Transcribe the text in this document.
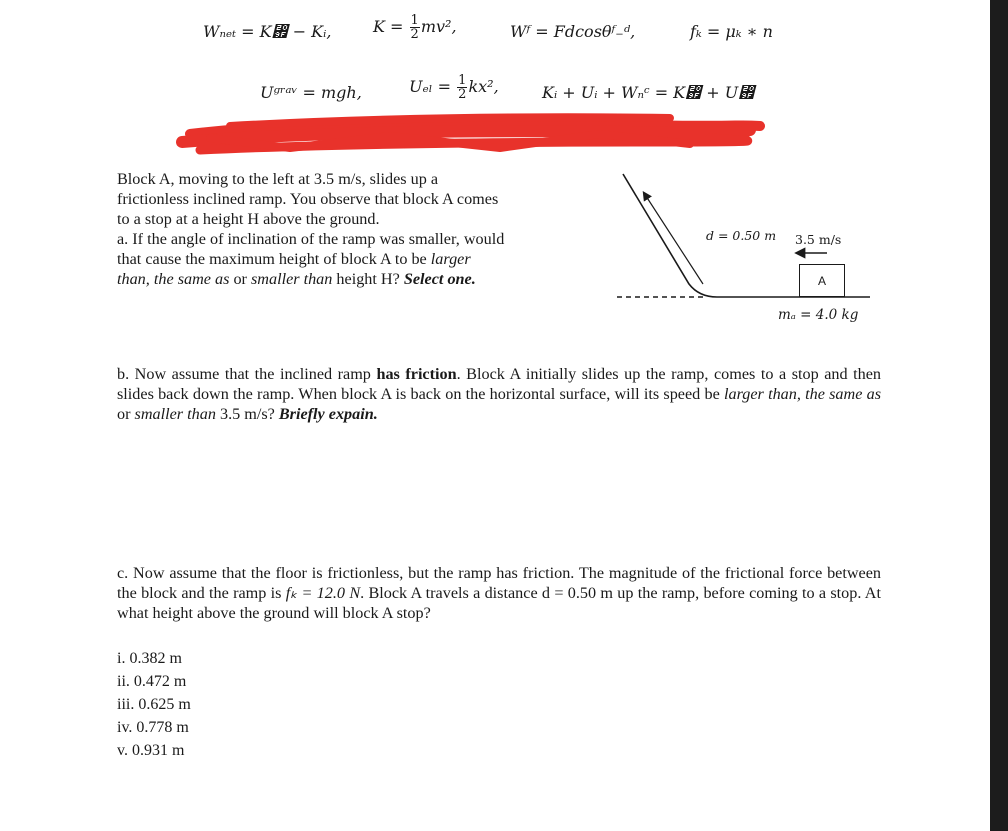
Wₙₑₜ = K₟ − Kᵢ,	$K = \frac{1}{2} mv^2$,	Wᶠ = Fdcosθᶠ₋ᵈ,	fₖ = μₖ ∗ n
Uᵍʳᵃᵛ = mgh,	$U_{el} = \frac{1}{2} kx^2$,	Kᵢ + Uᵢ + Wₙᶜ = K₟ + U₟
Block A, moving to the left at 3.5 m/s, slides up a
frictionless inclined ramp. You observe that block A comes
to a stop at a height H above the ground.
a. If the angle of inclination of the ramp was smaller, would
that cause the maximum height of block A to be larger
than, the same as or smaller than height H? Select one.
d = 0.50 m 3.5 m/s
A
mₐ = 4.0 kg
b. Now assume that the inclined ramp has friction. Block A initially slides up the ramp, comes to a stop and then slides back down the ramp. When block A is back on the horizontal surface, will its speed be larger than, the same as or smaller than 3.5 m/s? Briefly expain.
c. Now assume that the floor is frictionless, but the ramp has friction. The magnitude of the frictional force between the block and the ramp is fₖ = 12.0 N. Block A travels a distance d = 0.50 m up the ramp, before coming to a stop. At what height above the ground will block A stop?
i. 0.382 m
ii. 0.472 m
iii. 0.625 m
iv. 0.778 m
v. 0.931 m
